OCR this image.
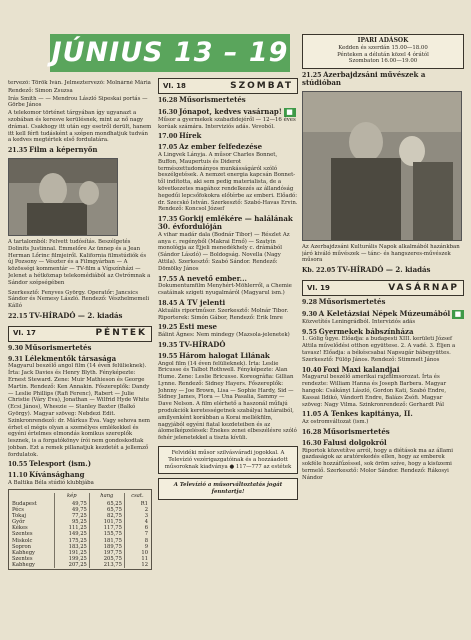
JÚNIUS 13 – 19

tervező: Török Iván. Jelmeztervező: Molnárné Mária

Rendező: Simon Zsuzsa

Irás Smith — — Mendrou László Sipeskai portás — Görbe János

A telekomor történet tárgyában így ugyanazt a szobában és keresve kerülésnek, mint az nő nagy drámai. Csakhogy itt után egy esetről derült, hanem itt kell férfi tudásként a szépen mondhatjuk tudván a kedves megtértek első fordulatára.

21.35 Film a képernyőn

A tartalomból: Felvett tudósítás. Beszélgetés Dolinits Justinnal. Emmelőre Az ünnep és a Jean Herman Lőrinc filmjeiről. Kalifornia filmstúdiók és új Pozsony — Vészter és a Filmgyárban — A közösségi kommentár — TV-film a Vígszínházi — Jelenet a hétköznap telekomédiából az Ostrómnak a Sándor szépségében

Szerkesztő: Fenyves György. Operatőr: Jancsics Sándor és Nemesy László. Rendező: Vészhelmemeli Kálló

22.15 TV-HÍRADÓ — 2. kiadás
VI. 17	PÉNTEK
9.30 Műsorismertetés
9.31 Lélekmentők társasága

Magyarul beszélő angol film (14 éven felülieknek). Írta: Jack Davies és Henry Blyth. Fényképezte: Ernest Steward. Zene: Muir Mathieson és George Martin. Rendező: Ken Annakin. Főszereplők: Dandy — Leslie Phillips (Rafi Ferenc), Rabert — Julie Christie (Váry Eva), Jonathan — Wilfrid Hyde White (Ecsi János), Wheezie — Stanley Baxter (Balkó György). Magyar szöveg: Nebdezi Edit. Szinkronrendező: dr. Márkus Éva. Vagy sehova nem érhet el mégis olyan a személyes emlékekkel és egyéni értelmes elmondás komikus szereplők lesznek, is a forgatókönyv írói nem gondoskodtak jobban. Ezt a remek pillanatjuk kezdetét a jellemző fordulatok.

10.55 Telesport (ism.)
11.10 Kívánsághang

A Baltika Béla stúdió klubbjába

	kép	hang	csat.
Budapest	49,75	65,25	R1
Pécs	49,75	65,75	2
Tokaj	77,25	82,75	3
Győr	95,25	101,75	4
Kékes	111,25	117,75	6
Szentes	149,25	155,75	7
Miskolc	175,25	181,75	8
Sopron	183,25	189,75	9
Kabhegy	191,25	197,75	10
Szentes	199,25	205,75	11
Kabhegy	207,25	213,75	12
VI. 18	SZOMBAT
16.28 Műsorismertetés
16.30 Jónapot, kedves vasárnap! ■

Műsor a gyermekek szabadidejéről — 12—16 éves korúak számára. Interviziós adás. Vevoból.

17.00 Hírek
17.05 Az ember felfedezése

A Lingvek Lányja. A műsor Charles Bonnet, Buffon, Maupertuis és Diderot természettudományos munkásságáról szóló beszélgetések. A nemzet energia kapcsán Bonnet-től indította, aki sem pedig materialista, de a következetes magához rendelkezés az állandóság hegedűi lepcsőfokokra előtérbe az emberi. Előadó: dr. Szecskó István. Szerkesztő: Szabó-Havas Ervin. Rendező: Koncsol József

17.35 Gorkij emlékére — halálának 30. évfordulóján

A vihar madár dala (Bodnár Tibor) — Részlet Az anya c. regényből (Makrai Ernő) — Szatyin monológja az Éjjeli menedékhely c. drámából (Sándor László) — Boldogság. Novella (Nagy Attila). Szerkesztő: Szabó Sándor. Rendező: Dömölky János

17.55 A nevető ember...

Dokumentumfilm Menyhért-Möhlerről, a Chemie csatáinak szigeti nyugalmáról (Magyarul ism.)

18.45 A TV jelenti

Aktuális riportműsor. Szerkesztő: Molnár Tibor. Riporterek: Simón Gábor, Rendező: Erik Imre

19.25 Esti mese

Bálint Ágnes: Nem mindegy (Mazsola-jelenetek)

19.35 TV-HÍRADÓ
19.55 Három halogat Lilának

Angol film (14 éven felülieknek). Írta: Leslie Bricusse és Talbot Rothwell. Fényképezte: Alan Hume. Zene: Leslie Bricusse. Koreográfia: Gillian Lynne. Rendező: Sidney Hayers. Főszereplők: Johnny — Joe Brown, Lisa — Sophie Hardy, Sid — Sidney James, Flora — Una Pasalia, Sammy — Dave Nelson. A film elérhető a haszonál műfajú produkciók keretességetnek szabályai határaiból, amilyenként korábban a Korai mellékfilm, nagyjából egyéni fiatal kezdeteiben és az álomelképzelések: Énekes zenei elbeszélésre szóló fehér jelenetekkel a tiszta kívüli.

Felvidéki műsor szilvásváradi jogokkal. A Televízió vezérigazgatóinak és a hozzáadott műsoroknak kiadványa ● 117—777 az estétek
A Televízió a műsorváltoztatás jogát fenntartja!
IPARI ADÁSOK
Kedden és szerdán 15.00—18.00
Pénteken a délután közel 4 órától
Szombaton 16.00—19.00
21.25 Azerbajdzsáni művészek a stúdióban

Az Azerbajdzsáni Kulturális Napok alkalmából hazánkban járó kiváló művészek — tánc- és hangszeres-művészek műsora

Kb. 22.05 TV-HÍRADÓ — 2. kiadás
VI. 19	VASÁRNAP
9.28 Műsorismertetés
9.30 A Keletázsiai Népek Múzeumából ■

Közvetítés Leningrádból. Interviziós adás

9.55 Gyermekek bábszínháza

1. Gólig ügye. Előadja: a budapesti XIII. kerületi József Attila művelődési otthon együttese. 2. A vadé. 3. Éljen a tavasz! Előadja: a békéscsabai Napsugár bábegyüttes. Szerkesztő: Fülöp János. Rendező: Stimmelt János

10.40 Foxi Maxi kalandjai

Magyarul beszélő amerikai rajzfilmsorozat. Írta és rendezte: William Hanna és Joseph Barbera. Magyar hangok: Csákányi László, Gordon Kati, Szabó Endre, Kassai Ildikó, Vándorfi Endre, Balázs Zsófi. Magyar szöveg: Nagy Vilma. Szinkronrendező: Gerhardt Pál

11.05 A Tenkes kapitánya, II.

Az ostromváltozat (ism.)

16.28 Műsorismertetés
16.30 Falusi dolgokról

Riportok közvetítve arról, hogy a diétások ma az állami gazdaságok az aratórekedés ellen, hogy az emberek sokféle hozzáfűzéssel, sok öröm szíve, hogy a kisüzemi termelő. Szerkesztő: Molor Sándor. Rendező: Rákosyi Nándor
